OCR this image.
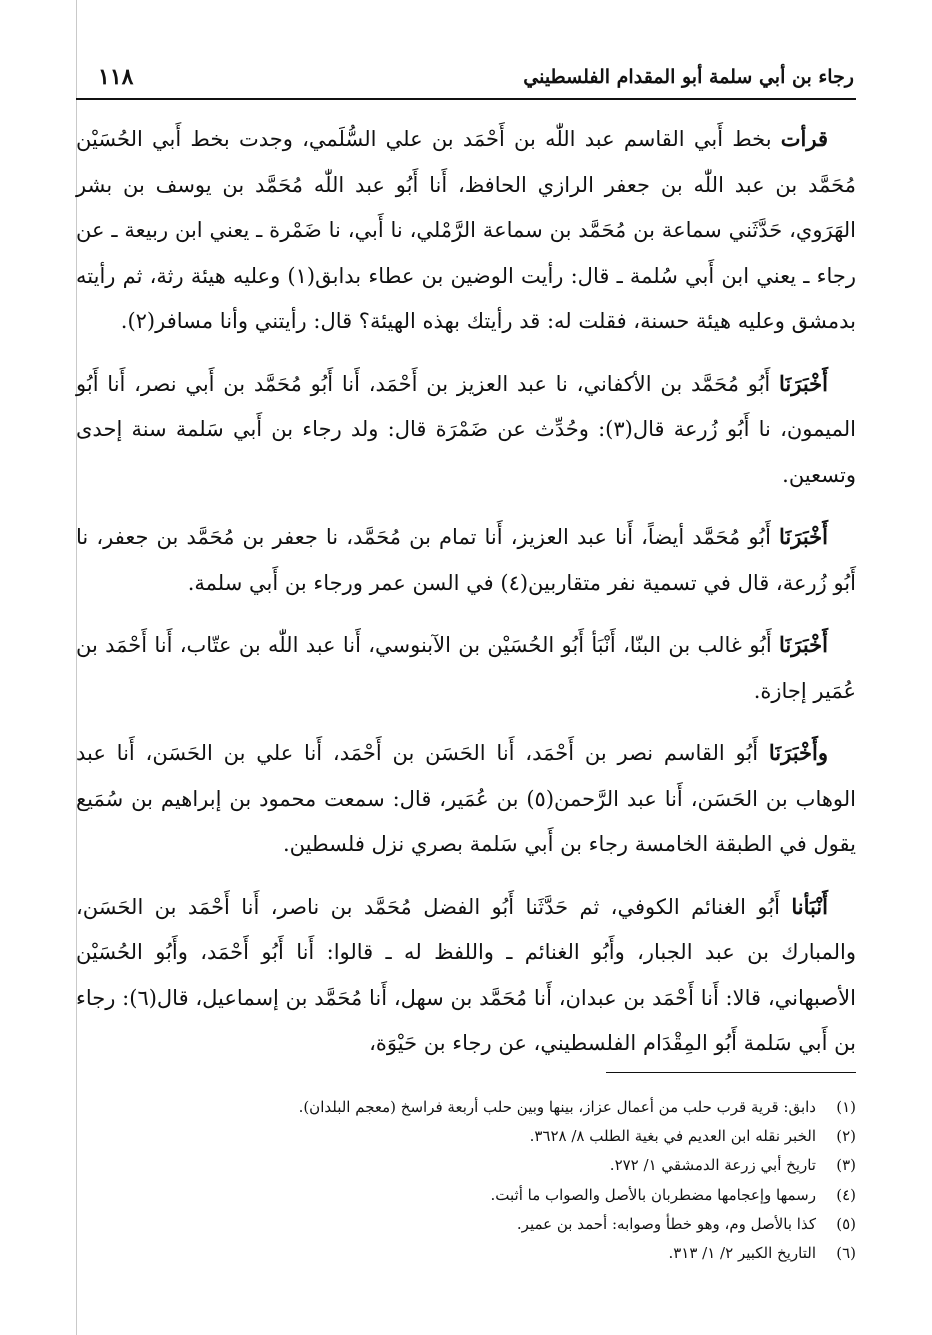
رجاء بن أبي سلمة أبو المقدام الفلسطيني
١١٨

قرأت بخط أَبي القاسم عبد اللّٰه بن أَحْمَد بن علي السُّلَمي، وجدت بخط أَبي الحُسَيْن مُحَمَّد بن عبد اللّٰه بن جعفر الرازي الحافظ، أَنا أَبُو عبد اللّٰه مُحَمَّد بن يوسف بن بشر الهَرَوي، حَدَّثَني سماعة بن مُحَمَّد بن سماعة الرَّمْلي، نا أَبي، نا ضَمْرة ـ يعني ابن ربيعة ـ عن رجاء ـ يعني ابن أَبي سُلمة ـ قال: رأيت الوضين بن عطاء بدابق(١) وعليه هيئة رثة، ثم رأيته بدمشق وعليه هيئة حسنة، فقلت له: قد رأيتك بهذه الهيئة؟ قال: رأيتني وأنا مسافر(٢).

أَخْبَرَنَا أَبُو مُحَمَّد بن الأكفاني، نا عبد العزيز بن أَحْمَد، أَنا أَبُو مُحَمَّد بن أَبي نصر، أَنا أَبُو الميمون، نا أَبُو زُرعة قال(٣): وحُدِّث عن ضَمْرَة قال: ولد رجاء بن أَبي سَلمة سنة إحدى وتسعين.

أَخْبَرَنَا أَبُو مُحَمَّد أيضاً، أَنا عبد العزيز، أَنا تمام بن مُحَمَّد، نا جعفر بن مُحَمَّد بن جعفر، نا أَبُو زُرعة، قال في تسمية نفر متقاربين(٤) في السن عمر ورجاء بن أَبي سلمة.

أَخْبَرَنَا أَبُو غالب بن البنّا، أَنْبَأ أَبُو الحُسَيْن بن الآبنوسي، أَنا عبد اللّٰه بن عتّاب، أَنا أَحْمَد بن عُمَير إجازة.

وأَخْبَرَنَا أَبُو القاسم نصر بن أَحْمَد، أَنا الحَسَن بن أَحْمَد، أَنا علي بن الحَسَن، أَنا عبد الوهاب بن الحَسَن، أَنا عبد الرَّحمن(٥) بن عُمَير، قال: سمعت محمود بن إبراهيم بن سُمَيع يقول في الطبقة الخامسة رجاء بن أَبي سَلمة بصري نزل فلسطين.

أَنْبَأنا أَبُو الغنائم الكوفي، ثم حَدَّثَنا أَبُو الفضل مُحَمَّد بن ناصر، أَنا أَحْمَد بن الحَسَن، والمبارك بن عبد الجبار، وأَبُو الغنائم ـ واللفظ له ـ قالوا: أَنا أَبُو أَحْمَد، وأَبُو الحُسَيْن الأصبهاني، قالا: أَنا أَحْمَد بن عبدان، أَنا مُحَمَّد بن سهل، أَنا مُحَمَّد بن إسماعيل، قال(٦): رجاء بن أَبي سَلمة أَبُو المِقْدَام الفلسطيني، عن رجاء بن حَيْوَة،

(١)دابق: قرية قرب حلب من أعمال عزاز، بينها وبين حلب أربعة فراسخ (معجم البلدان).
(٢)الخبر نقله ابن العديم في بغية الطلب ٨/ ٣٦٢٨.
(٣)تاريخ أبي زرعة الدمشقي ١/ ٢٧٢.
(٤)رسمها وإعجامها مضطربان بالأصل والصواب ما أثبت.
(٥)كذا بالأصل وم، وهو خطأ وصوابه: أحمد بن عمير.
(٦)التاريخ الكبير ٢/ ١/ ٣١٣.
